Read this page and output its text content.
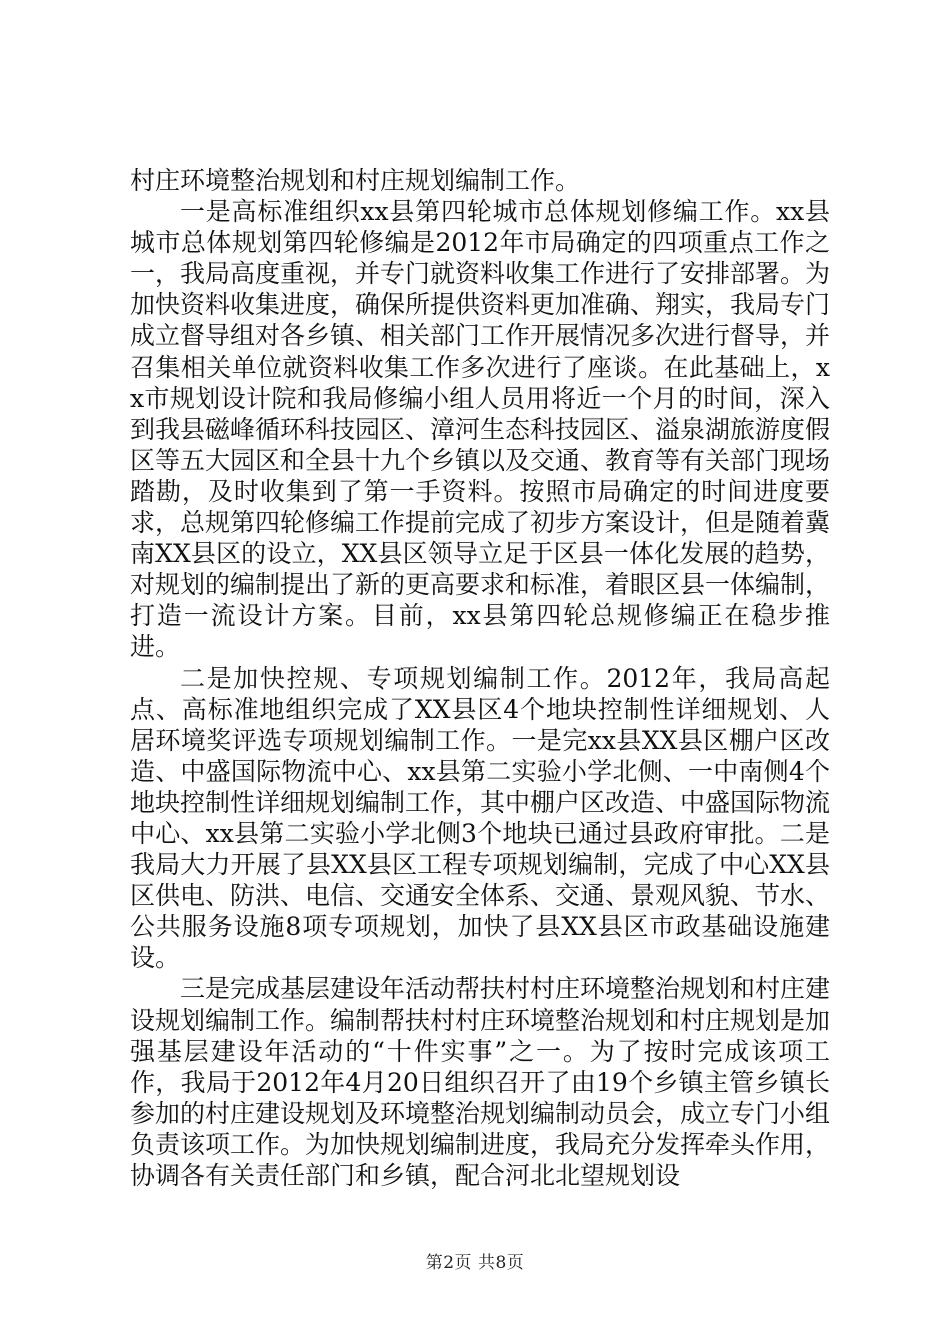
村庄环境整治规划和村庄规划编制工作。

一是高标准组织xx县第四轮城市总体规划修编工作。xx县城市总体规划第四轮修编是2012年市局确定的四项重点工作之一，我局高度重视，并专门就资料收集工作进行了安排部署。为加快资料收集进度，确保所提供资料更加准确、翔实，我局专门成立督导组对各乡镇、相关部门工作开展情况多次进行督导，并召集相关单位就资料收集工作多次进行了座谈。在此基础上，xx市规划设计院和我局修编小组人员用将近一个月的时间，深入到我县磁峰循环科技园区、漳河生态科技园区、溢泉湖旅游度假区等五大园区和全县十九个乡镇以及交通、教育等有关部门现场踏勘，及时收集到了第一手资料。按照市局确定的时间进度要求，总规第四轮修编工作提前完成了初步方案设计，但是随着冀南XX县区的设立，XX县区领导立足于区县一体化发展的趋势，对规划的编制提出了新的更高要求和标准，着眼区县一体编制，打造一流设计方案。目前，xx县第四轮总规修编正在稳步推进。

二是加快控规、专项规划编制工作。2012年，我局高起点、高标准地组织完成了XX县区4个地块控制性详细规划、人居环境奖评选专项规划编制工作。一是完xx县XX县区棚户区改造、中盛国际物流中心、xx县第二实验小学北侧、一中南侧4个地块控制性详细规划编制工作，其中棚户区改造、中盛国际物流中心、xx县第二实验小学北侧3个地块已通过县政府审批。二是我局大力开展了县XX县区工程专项规划编制，完成了中心XX县区供电、防洪、电信、交通安全体系、交通、景观风貌、节水、公共服务设施8项专项规划，加快了县XX县区市政基础设施建设。

三是完成基层建设年活动帮扶村村庄环境整治规划和村庄建设规划编制工作。编制帮扶村村庄环境整治规划和村庄规划是加强基层建设年活动的“十件实事”之一。为了按时完成该项工作，我局于2012年4月20日组织召开了由19个乡镇主管乡镇长参加的村庄建设规划及环境整治规划编制动员会，成立专门小组负责该项工作。为加快规划编制进度，我局充分发挥牵头作用，协调各有关责任部门和乡镇，配合河北北望规划设

第2页 共8页
